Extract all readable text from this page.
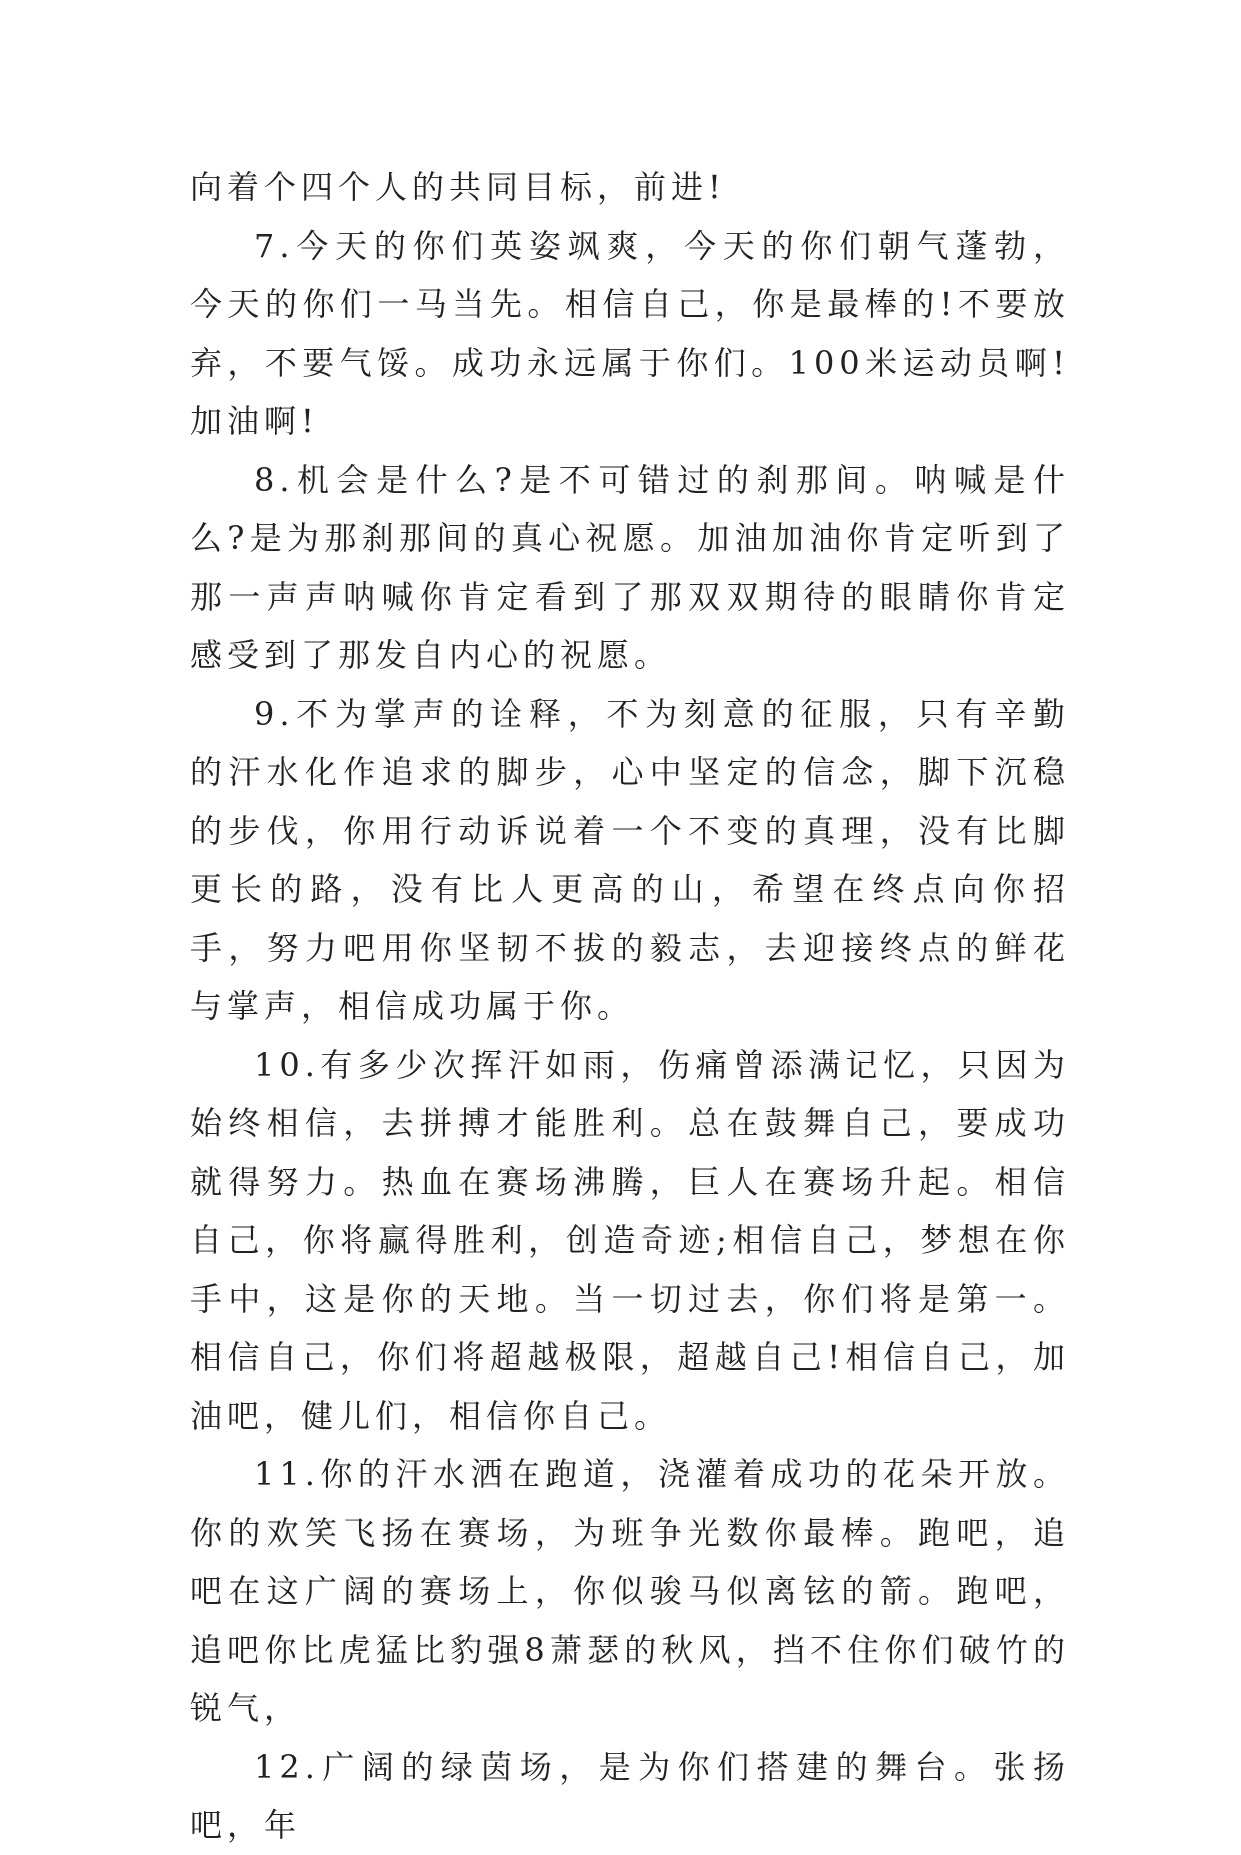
向着个四个人的共同目标，前进!

7.今天的你们英姿飒爽，今天的你们朝气蓬勃，今天的你们一马当先。相信自己，你是最棒的!不要放弃，不要气馁。成功永远属于你们。100米运动员啊!加油啊!

8.机会是什么?是不可错过的刹那间。呐喊是什么?是为那刹那间的真心祝愿。加油加油你肯定听到了那一声声呐喊你肯定看到了那双双期待的眼睛你肯定感受到了那发自内心的祝愿。

9.不为掌声的诠释，不为刻意的征服，只有辛勤的汗水化作追求的脚步，心中坚定的信念，脚下沉稳的步伐，你用行动诉说着一个不变的真理，没有比脚更长的路，没有比人更高的山，希望在终点向你招手，努力吧用你坚韧不拔的毅志，去迎接终点的鲜花与掌声，相信成功属于你。

10.有多少次挥汗如雨，伤痛曾添满记忆，只因为始终相信，去拼搏才能胜利。总在鼓舞自己，要成功就得努力。热血在赛场沸腾，巨人在赛场升起。相信自己，你将赢得胜利，创造奇迹;相信自己，梦想在你手中，这是你的天地。当一切过去，你们将是第一。相信自己，你们将超越极限，超越自己!相信自己，加油吧，健儿们，相信你自己。

11.你的汗水洒在跑道，浇灌着成功的花朵开放。你的欢笑飞扬在赛场，为班争光数你最棒。跑吧，追吧在这广阔的赛场上，你似骏马似离铉的箭。跑吧，追吧你比虎猛比豹强8萧瑟的秋风，挡不住你们破竹的锐气，

12.广阔的绿茵场，是为你们搭建的舞台。张扬吧，年
